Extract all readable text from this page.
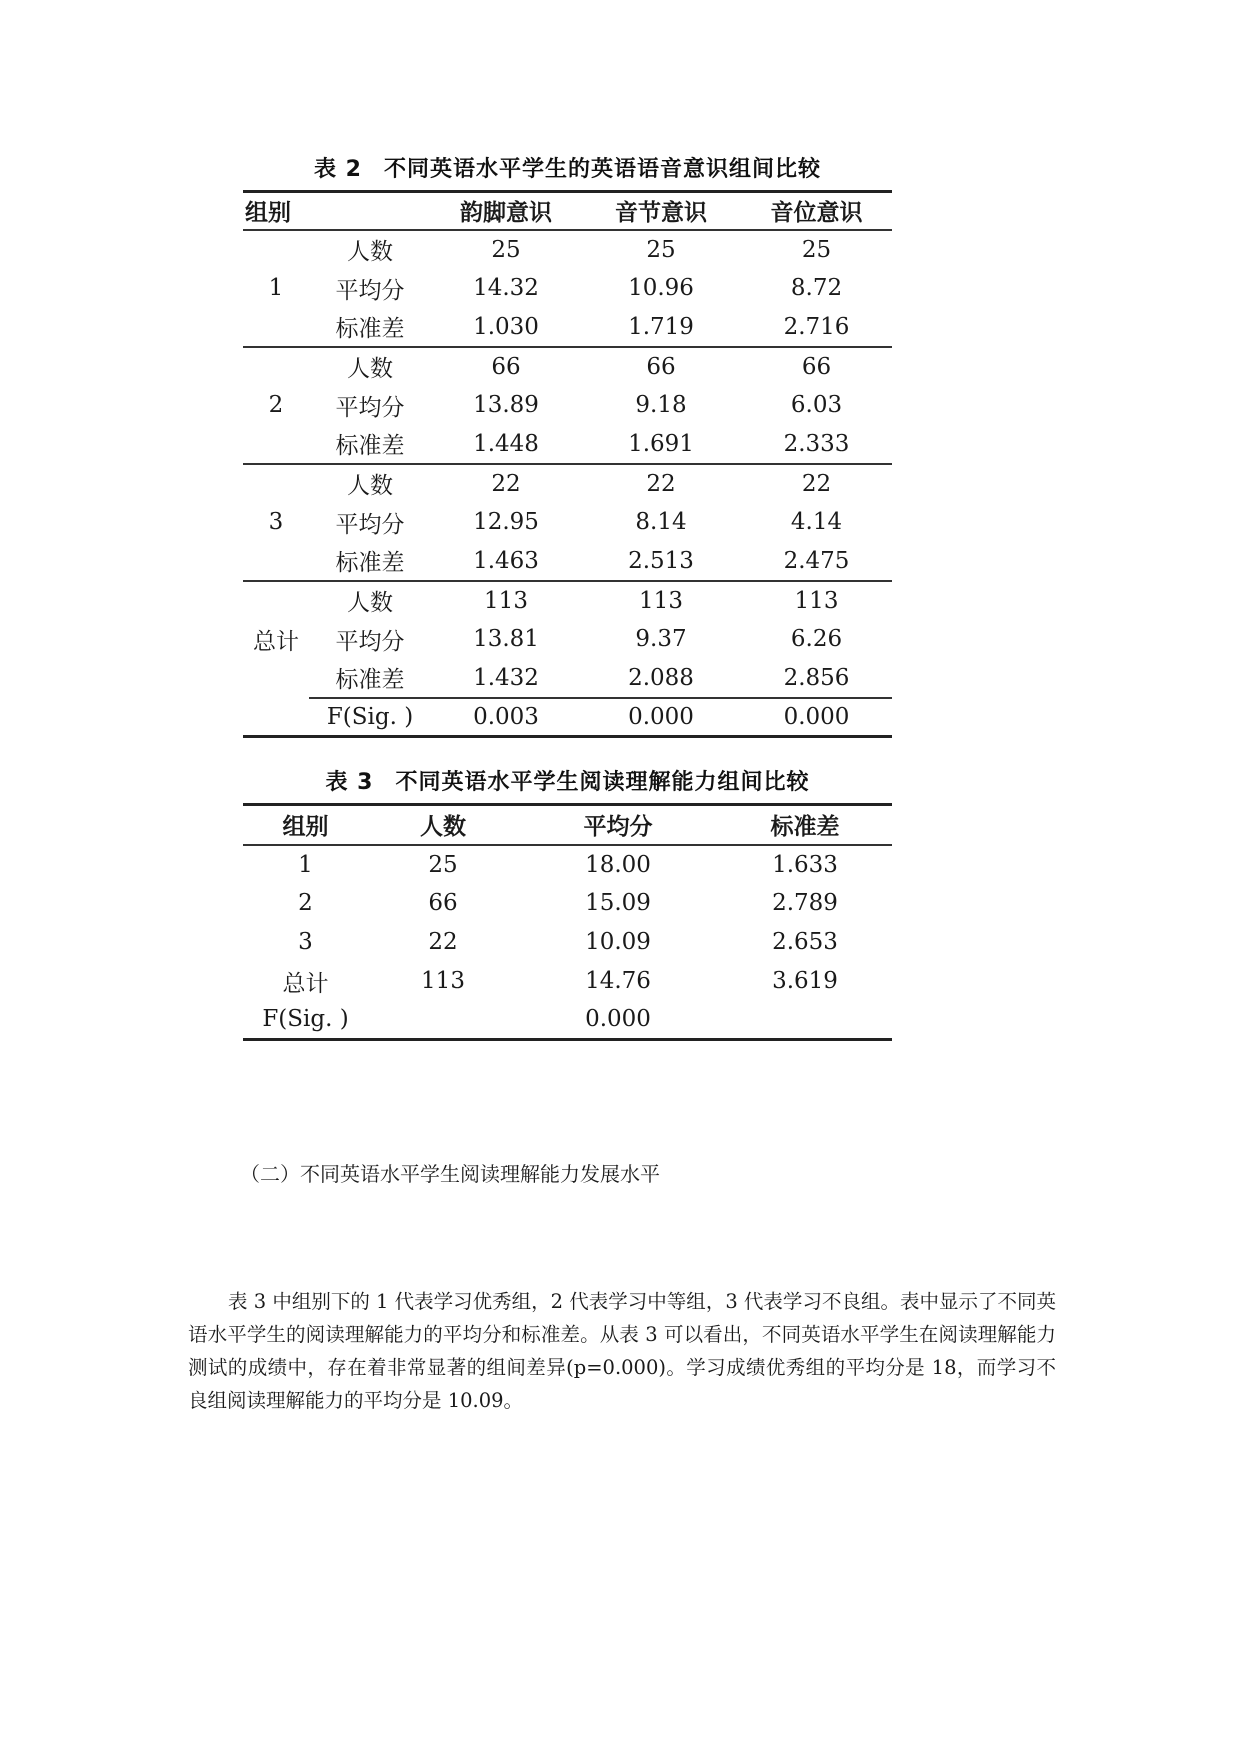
表 2 不同英语水平学生的英语语音意识组间比较
组别		韵脚意识	音节意识	音位意识
1	人数	25	25	25
	平均分	14.32	10.96	8.72
	标准差	1.030	1.719	2.716
2	人数	66	66	66
	平均分	13.89	9.18	6.03
	标准差	1.448	1.691	2.333
3	人数	22	22	22
	平均分	12.95	8.14	4.14
	标准差	1.463	2.513	2.475
总计	人数	113	113	113
	平均分	13.81	9.37	6.26
	标准差	1.432	2.088	2.856
	F(Sig. )	0.003	0.000	0.000
表 3 不同英语水平学生阅读理解能力组间比较
组别	人数	平均分	标准差
1	25	18.00	1.633
2	66	15.09	2.789
3	22	10.09	2.653
总计	113	14.76	3.619
F(Sig. )		0.000	
（二）不同英语水平学生阅读理解能力发展水平
表 3 中组别下的 1 代表学习优秀组，2 代表学习中等组，3 代表学习不良组。表中显示了不同英语水平学生的阅读理解能力的平均分和标准差。从表 3 可以看出，不同英语水平学生在阅读理解能力测试的成绩中，存在着非常显著的组间差异(p=0.000)。学习成绩优秀组的平均分是 18，而学习不良组阅读理解能力的平均分是 10.09。
